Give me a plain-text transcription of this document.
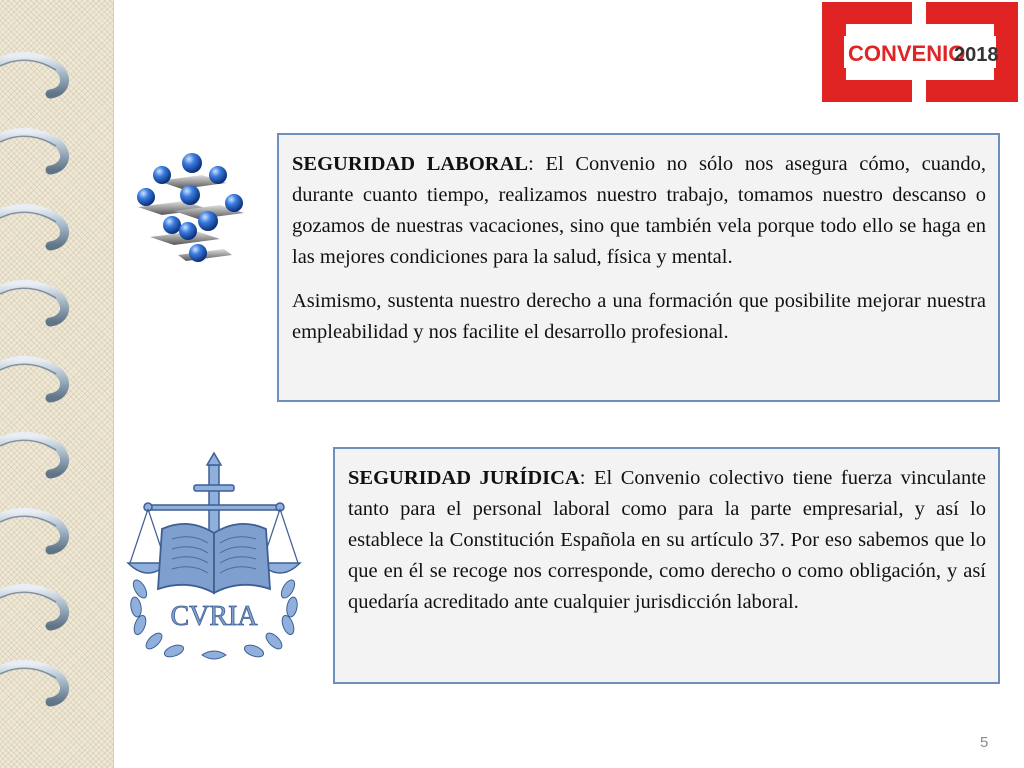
CONVENIO
2018

SEGURIDAD LABORAL: El Convenio no sólo nos asegura cómo, cuando, durante cuanto tiempo, realizamos nuestro trabajo, tomamos nuestro descanso o gozamos de nuestras vacaciones, sino que también vela porque todo ello se haga en las mejores condiciones para la salud, física y mental.

Asimismo, sustenta nuestro derecho a una formación que posibilite mejorar nuestra empleabilidad y nos facilite el desarrollo profesional.

CVRIA

SEGURIDAD JURÍDICA: El Convenio colectivo tiene fuerza vinculante tanto para el personal laboral como para la parte empresarial, y así lo establece la Constitución Española en su artículo 37. Por eso sabemos que lo que en él se recoge nos corresponde, como derecho o como obligación, y así quedaría acreditado ante cualquier jurisdicción laboral.

5
